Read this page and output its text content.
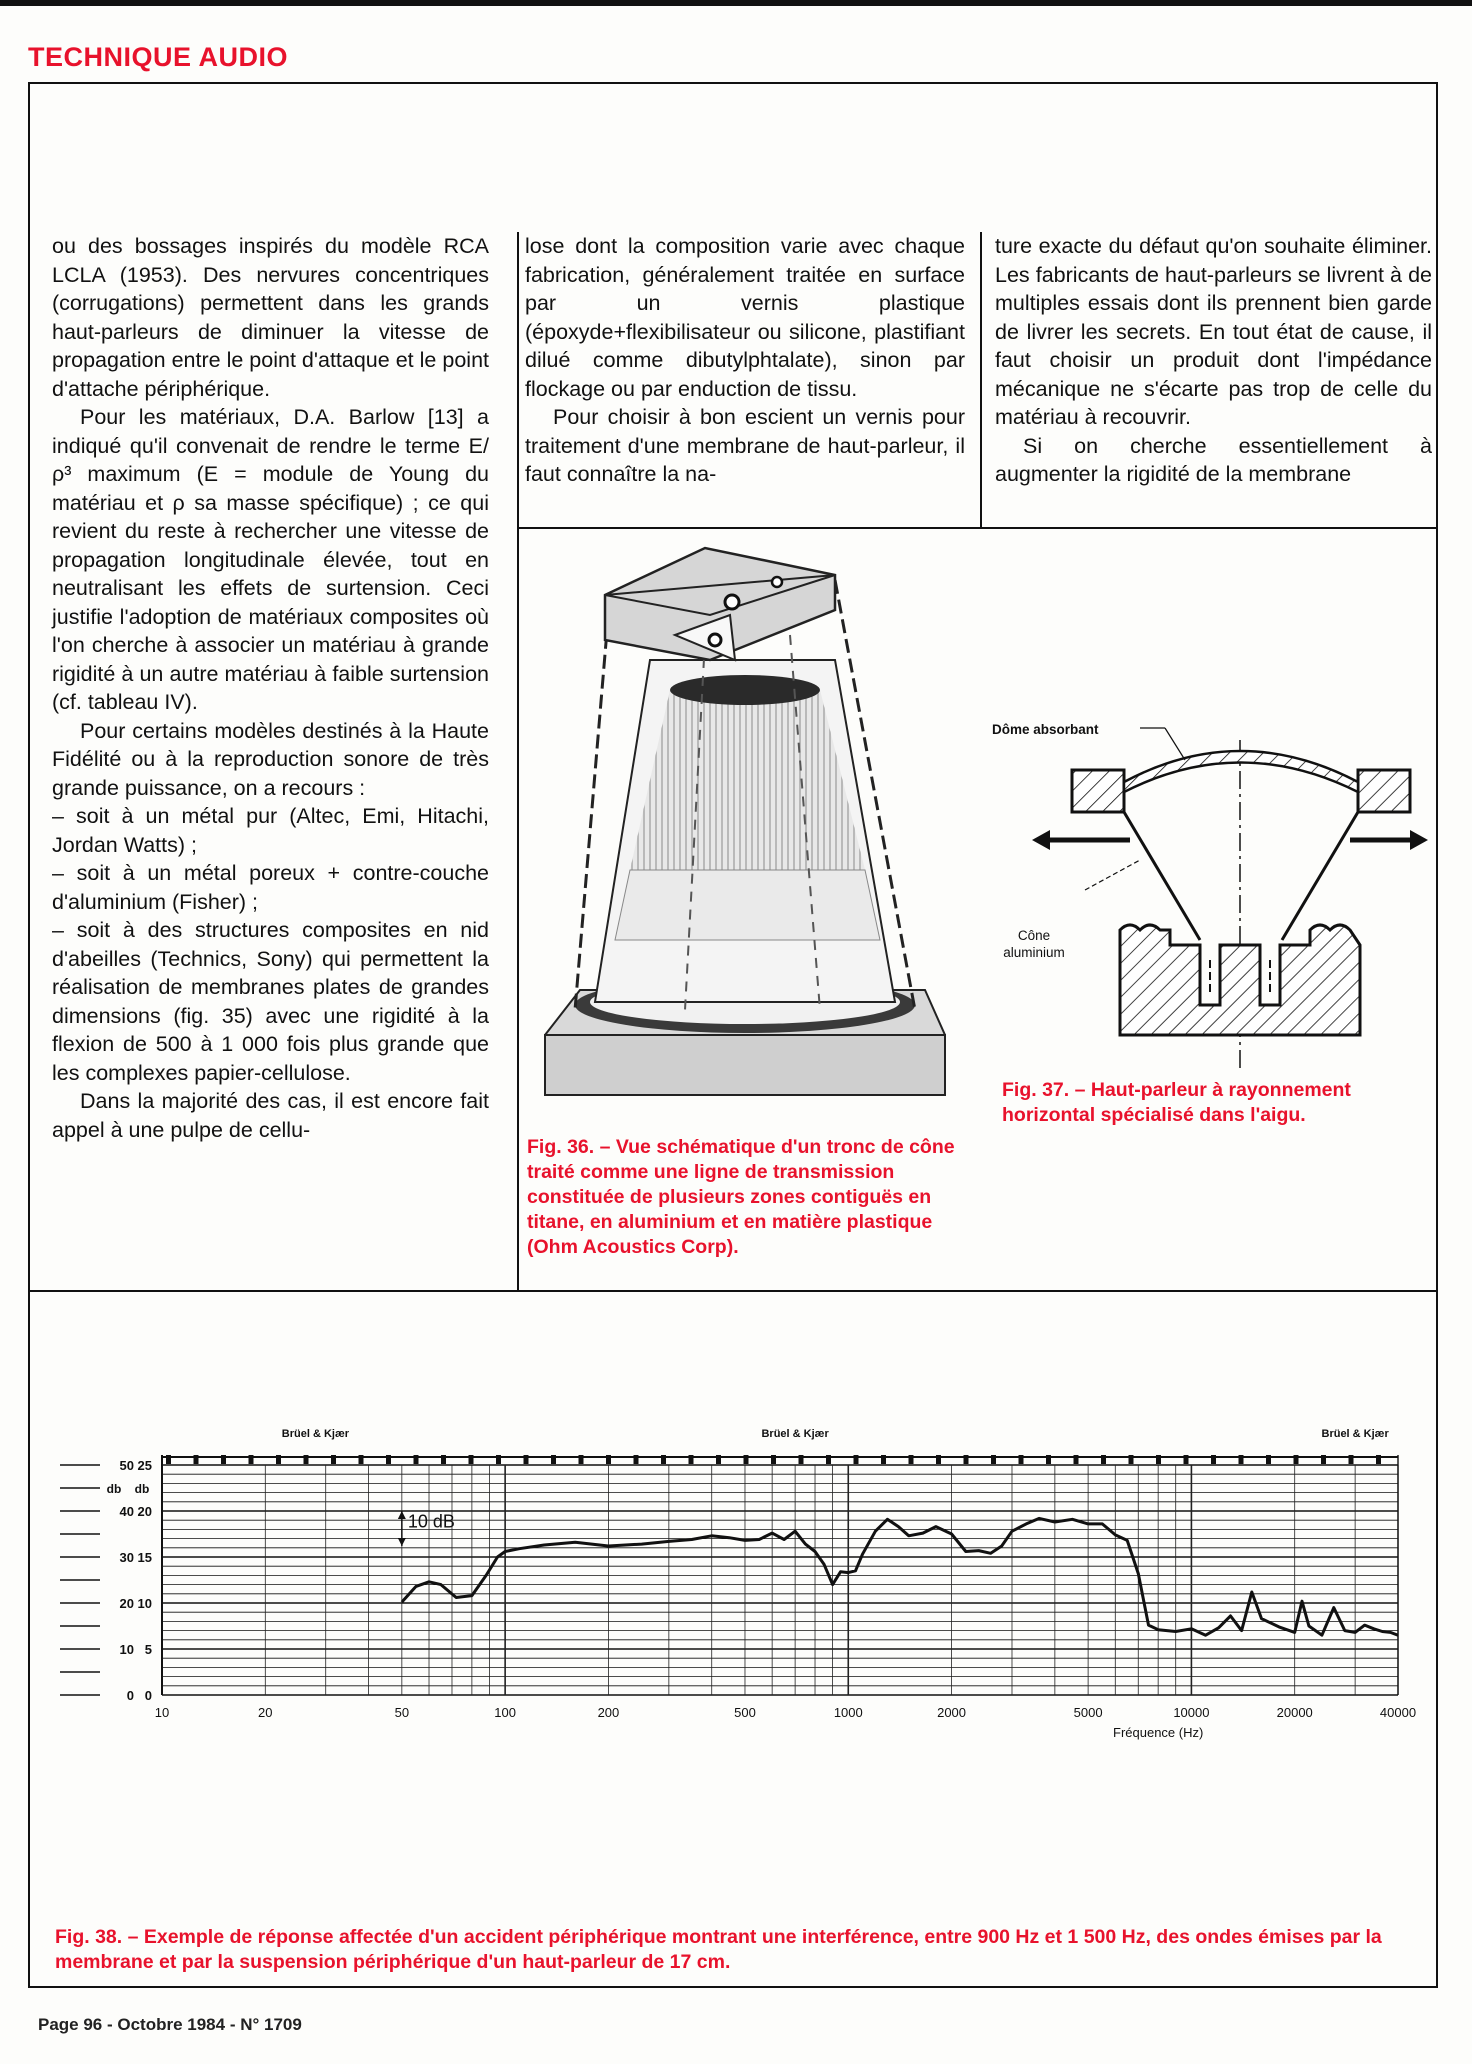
TECHNIQUE AUDIO

ou des bossages inspirés du modèle RCA LCLA (1953). Des nervures concentriques (corrugations) permettent dans les grands haut-parleurs de diminuer la vitesse de propagation entre le point d'attaque et le point d'attache périphérique.

Pour les matériaux, D.A. Barlow [13] a indiqué qu'il convenait de rendre le terme E/ρ³ maximum (E = module de Young du matériau et ρ sa masse spécifique) ; ce qui revient du reste à rechercher une vitesse de propagation longitudinale élevée, tout en neutralisant les effets de surtension. Ceci justifie l'adoption de matériaux composites où l'on cherche à associer un matériau à grande rigidité à un autre matériau à faible surtension (cf. tableau IV).

Pour certains modèles destinés à la Haute Fidélité ou à la reproduction sonore de très grande puissance, on a recours :

– soit à un métal pur (Altec, Emi, Hitachi, Jordan Watts) ;

– soit à un métal poreux + contre-couche d'aluminium (Fisher) ;

– soit à des structures composites en nid d'abeilles (Technics, Sony) qui permettent la réalisation de membranes plates de grandes dimensions (fig. 35) avec une rigidité à la flexion de 500 à 1 000 fois plus grande que les complexes papier-cellulose.

Dans la majorité des cas, il est encore fait appel à une pulpe de cellu-

lose dont la composition varie avec chaque fabrication, généralement traitée en surface par un vernis plastique (époxyde+flexibilisateur ou silicone, plastifiant dilué comme dibutylphtalate), sinon par flockage ou par enduction de tissu.

Pour choisir à bon escient un vernis pour traitement d'une membrane de haut-parleur, il faut connaître la na-

ture exacte du défaut qu'on souhaite éliminer. Les fabricants de haut-parleurs se livrent à de multiples essais dont ils prennent bien garde de livrer les secrets. En tout état de cause, il faut choisir un produit dont l'impédance mécanique ne s'écarte pas trop de celle du matériau à recouvrir.

Si on cherche essentiellement à augmenter la rigidité de la membrane

Fig. 36. – Vue schématique d'un tronc de cône traité comme une ligne de transmission constituée de plusieurs zones contiguës en titane, en aluminium et en matière plastique (Ohm Acoustics Corp).
Dôme absorbant
Cône aluminium
Fig. 37. – Haut-parleur à rayonnement horizontal spécialisé dans l'aigu.
0
5
10
15
20
25
0
10
20
30
40
50
db db
10	20	50	100	200	500	1000	2000	5000	10000	20000	40000
Fréquence (Hz)
Brüel & Kjær	Brüel & Kjær	Brüel & Kjær
10 dB
Fig. 38. – Exemple de réponse affectée d'un accident périphérique montrant une interférence, entre 900 Hz et 1 500 Hz, des ondes émises par la membrane et par la suspension périphérique d'un haut-parleur de 17 cm.
Page 96 - Octobre 1984 - N° 1709
